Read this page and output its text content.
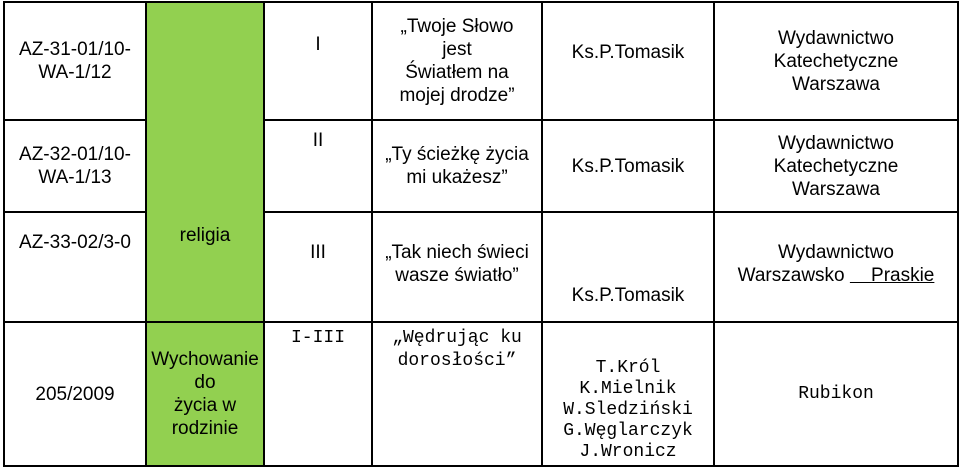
AZ-31-01/10-
WA-1/12	religia	I	„Twoje Słowo
jest
Światłem na
mojej drodze”	Ks.P.Tomasik	Wydawnictwo
Katechetyczne
Warszawa

AZ-32-01/10-
WA-1/13		II	„Ty ścieżkę życia
mi ukażesz”	Ks.P.Tomasik	Wydawnictwo
Katechetyczne
Warszawa

AZ-33-02/3-0		III	„Tak niech świeci
wasze światło”	Ks.P.Tomasik	Wydawnictwo
Warszawsko Praskie

205/2009	Wychowanie
do
życia w
rodzinie	I-III	„Wędrując ku
dorosłości”	T.Król
K.Mielnik
W.Sledziński
G.Węglarczyk
J.Wronicz	Rubikon
